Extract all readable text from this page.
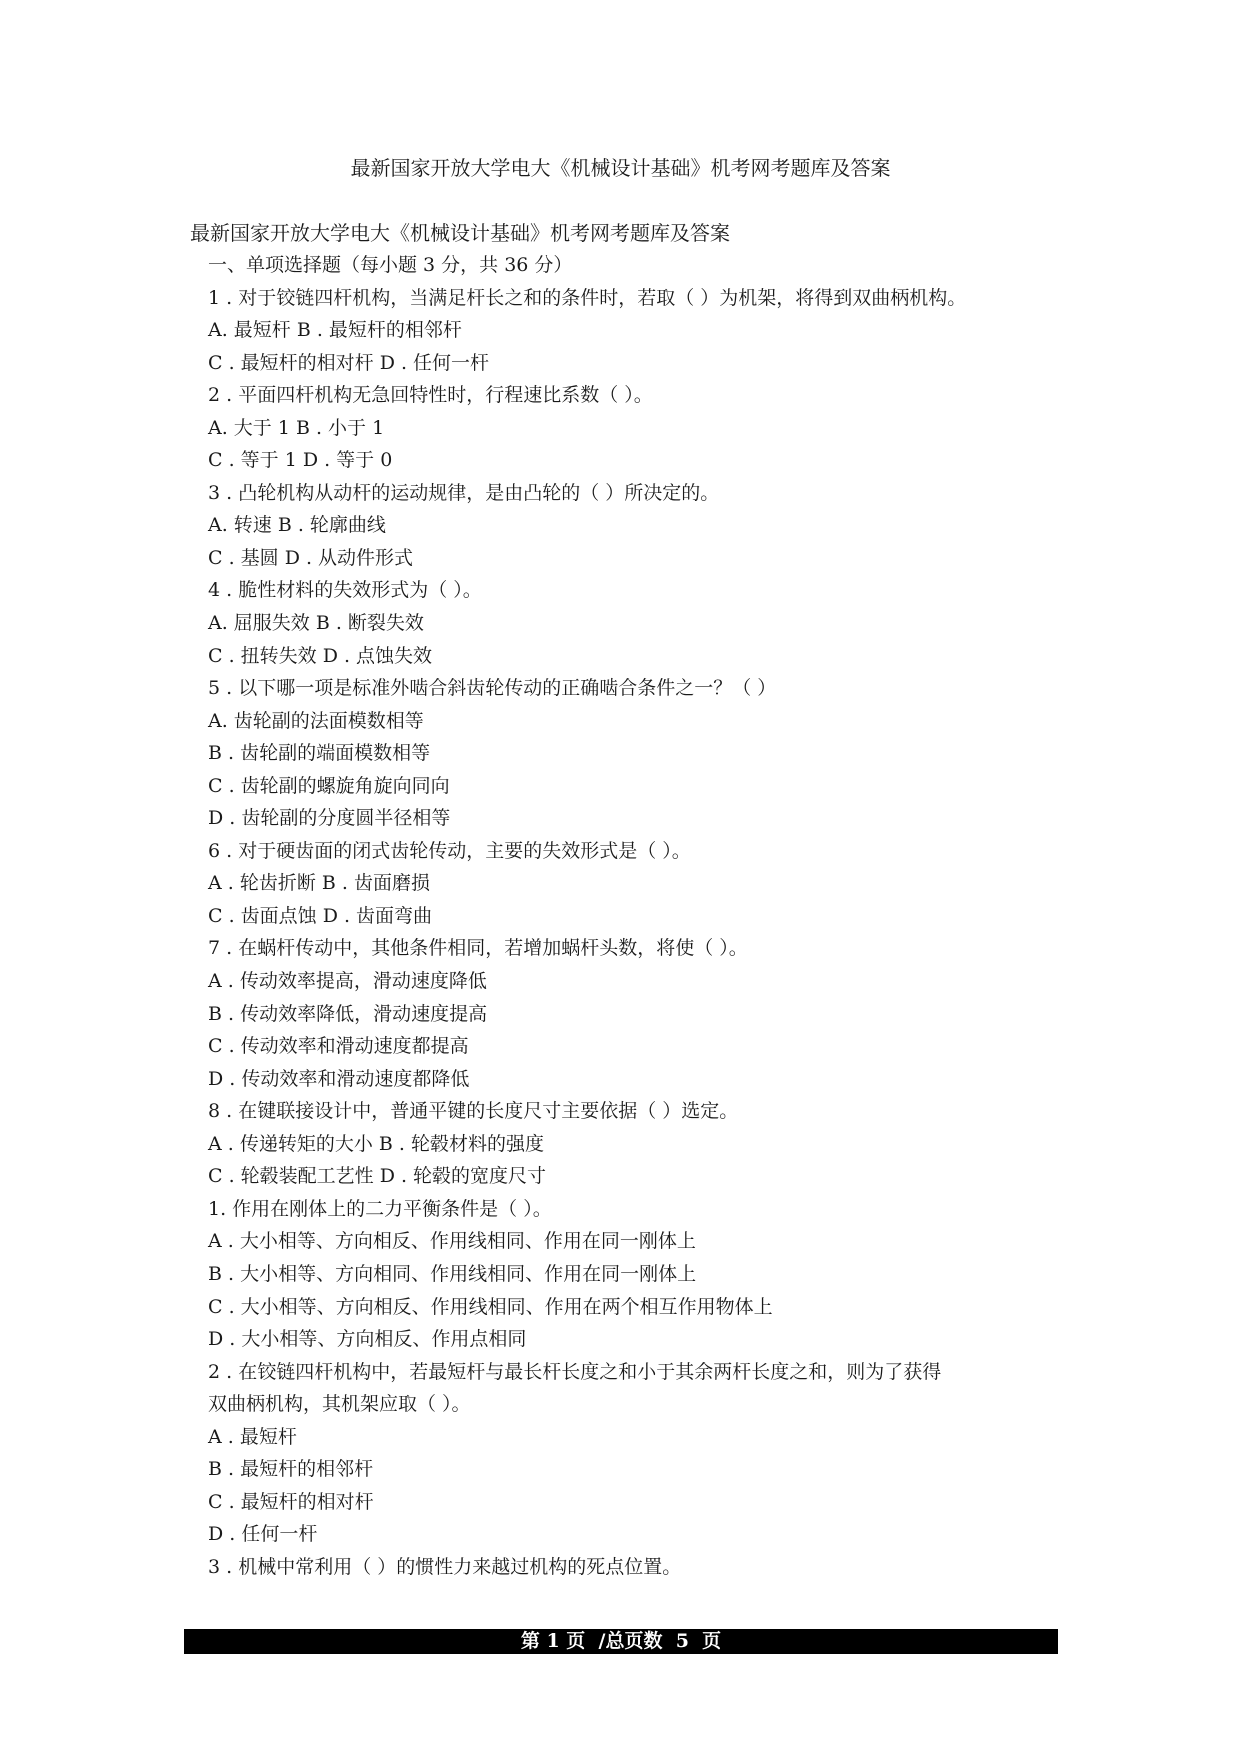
最新国家开放大学电大《机械设计基础》机考网考题库及答案
最新国家开放大学电大《机械设计基础》机考网考题库及答案
一、单项选择题（每小题 3 分，共 36 分）
1 . 对于铰链四杆机构，当满足杆长之和的条件时，若取（ ）为机架，将得到双曲柄机构。
A. 最短杆 B . 最短杆的相邻杆
C . 最短杆的相对杆 D . 任何一杆
2 . 平面四杆机构无急回特性时，行程速比系数（ ）。
A. 大于 1 B . 小于 1
C . 等于 1 D . 等于 0
3 . 凸轮机构从动杆的运动规律，是由凸轮的（ ）所决定的。
A. 转速 B . 轮廓曲线
C . 基圆 D . 从动件形式
4 . 脆性材料的失效形式为（ ）。
A. 屈服失效 B . 断裂失效
C . 扭转失效 D . 点蚀失效
5 . 以下哪一项是标准外啮合斜齿轮传动的正确啮合条件之一？（ ）
A. 齿轮副的法面模数相等
B . 齿轮副的端面模数相等
C . 齿轮副的螺旋角旋向同向
D . 齿轮副的分度圆半径相等
6 . 对于硬齿面的闭式齿轮传动，主要的失效形式是（ ）。
A . 轮齿折断 B . 齿面磨损
C . 齿面点蚀 D . 齿面弯曲
7 . 在蜗杆传动中，其他条件相同，若增加蜗杆头数，将使（ ）。
A . 传动效率提高，滑动速度降低
B . 传动效率降低，滑动速度提高
C . 传动效率和滑动速度都提高
D . 传动效率和滑动速度都降低
8 . 在键联接设计中，普通平键的长度尺寸主要依据（ ）选定。
A . 传递转矩的大小 B . 轮毂材料的强度
C . 轮毂装配工艺性 D . 轮毂的宽度尺寸
1. 作用在刚体上的二力平衡条件是（ ）。
A . 大小相等、方向相反、作用线相同、作用在同一刚体上
B . 大小相等、方向相同、作用线相同、作用在同一刚体上
C . 大小相等、方向相反、作用线相同、作用在两个相互作用物体上
D . 大小相等、方向相反、作用点相同
2 . 在铰链四杆机构中，若最短杆与最长杆长度之和小于其余两杆长度之和，则为了获得
双曲柄机构，其机架应取（ ）。
A . 最短杆
B . 最短杆的相邻杆
C . 最短杆的相对杆
D . 任何一杆
3 . 机械中常利用（ ）的惯性力来越过机构的死点位置。
第 1 页  /总页数  5  页
